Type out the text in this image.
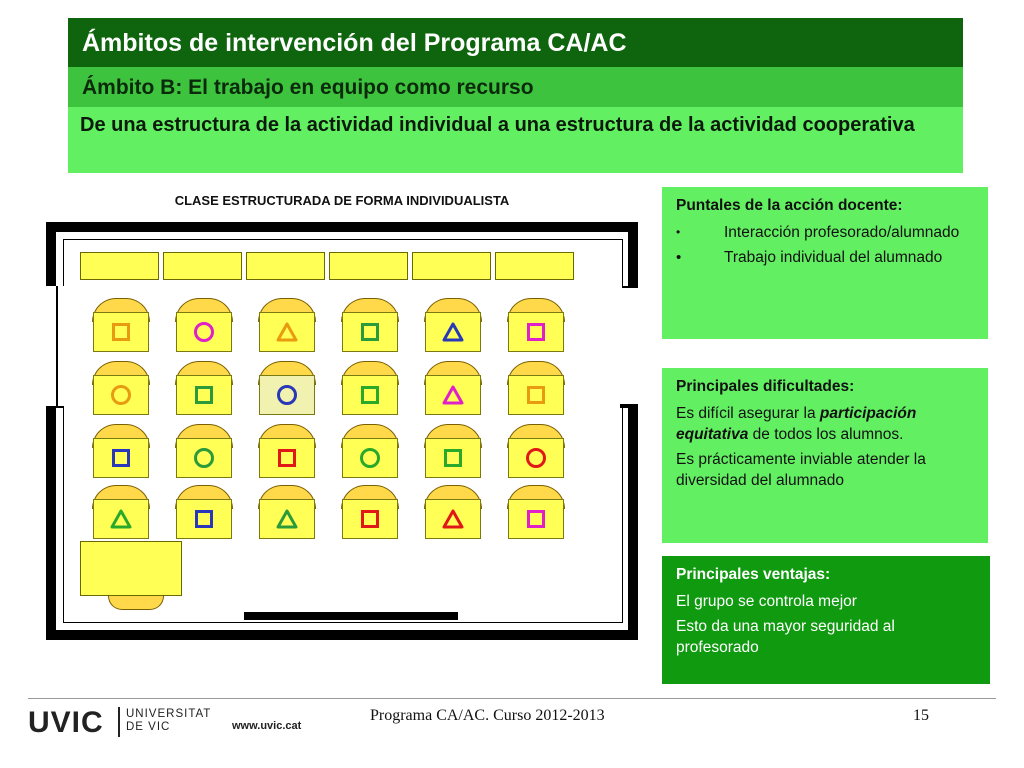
Ámbitos de intervención del Programa CA/AC
Ámbito B: El trabajo en equipo como recurso
De una estructura de la actividad individual a una estructura de la actividad cooperativa
CLASE ESTRUCTURADA DE FORMA INDIVIDUALISTA	Puntales de la acción docente:
•	Interacción profesorado/alumnado
•	Trabajo individual del alumnado
Principales dificultades:

Es difícil asegurar la participación equitativa de todos los alumnos.

Es prácticamente inviable atender la diversidad del alumnado

Principales ventajas:

El grupo se controla mejor

Esto da una mayor seguridad al profesorado

UVIC UNIVERSITAT
DE VIC	www.uvic.cat
Programa CA/AC. Curso 2012-2013	15
